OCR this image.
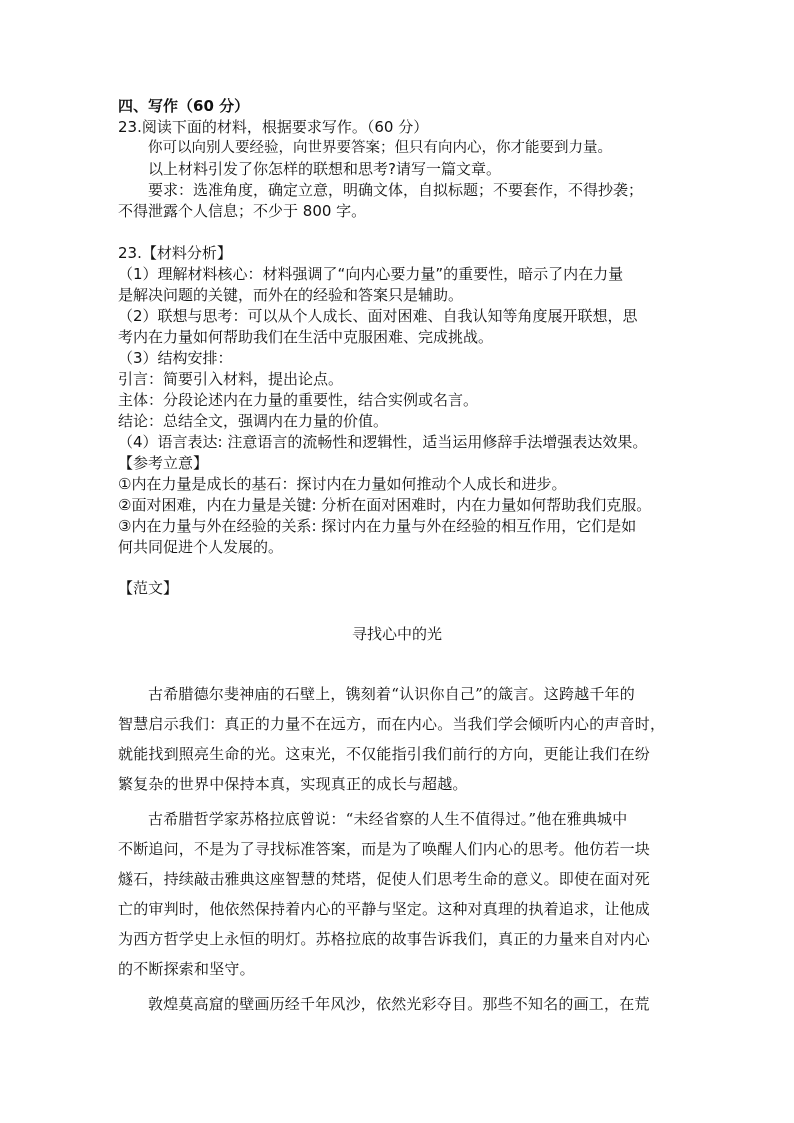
四、写作（60 分）
23.阅读下面的材料，根据要求写作。（60 分）
你可以向别人要经验，向世界要答案；但只有向内心，你才能要到力量。
以上材料引发了你怎样的联想和思考?请写一篇文章。
要求：选准角度，确定立意，明确文体，自拟标题；不要套作，不得抄袭；
不得泄露个人信息；不少于 800 字。
23.【材料分析】
（1）理解材料核心：材料强调了“向内心要力量”的重要性，暗示了内在力量
是解决问题的关键，而外在的经验和答案只是辅助。
（2）联想与思考：可以从个人成长、面对困难、自我认知等角度展开联想，思
考内在力量如何帮助我们在生活中克服困难、完成挑战。
（3）结构安排：
引言：简要引入材料，提出论点。
主体：分段论述内在力量的重要性，结合实例或名言。
结论：总结全文，强调内在力量的价值。
（4）语言表达: 注意语言的流畅性和逻辑性，适当运用修辞手法增强表达效果。
【参考立意】
①内在力量是成长的基石：探讨内在力量如何推动个人成长和进步。
②面对困难，内在力量是关键: 分析在面对困难时，内在力量如何帮助我们克服。
③内在力量与外在经验的关系: 探讨内在力量与外在经验的相互作用，它们是如
何共同促进个人发展的。
【范文】
寻找心中的光
古希腊德尔斐神庙的石壁上，镌刻着“认识你自己”的箴言。这跨越千年的
智慧启示我们：真正的力量不在远方，而在内心。当我们学会倾听内心的声音时，
就能找到照亮生命的光。这束光，不仅能指引我们前行的方向，更能让我们在纷
繁复杂的世界中保持本真，实现真正的成长与超越。
古希腊哲学家苏格拉底曾说：“未经省察的人生不值得过。”他在雅典城中
不断追问，不是为了寻找标准答案，而是为了唤醒人们内心的思考。他仿若一块
燧石，持续敲击雅典这座智慧的梵塔，促使人们思考生命的意义。即使在面对死
亡的审判时，他依然保持着内心的平静与坚定。这种对真理的执着追求，让他成
为西方哲学史上永恒的明灯。苏格拉底的故事告诉我们，真正的力量来自对内心
的不断探索和坚守。
敦煌莫高窟的壁画历经千年风沙，依然光彩夺目。那些不知名的画工，在荒
